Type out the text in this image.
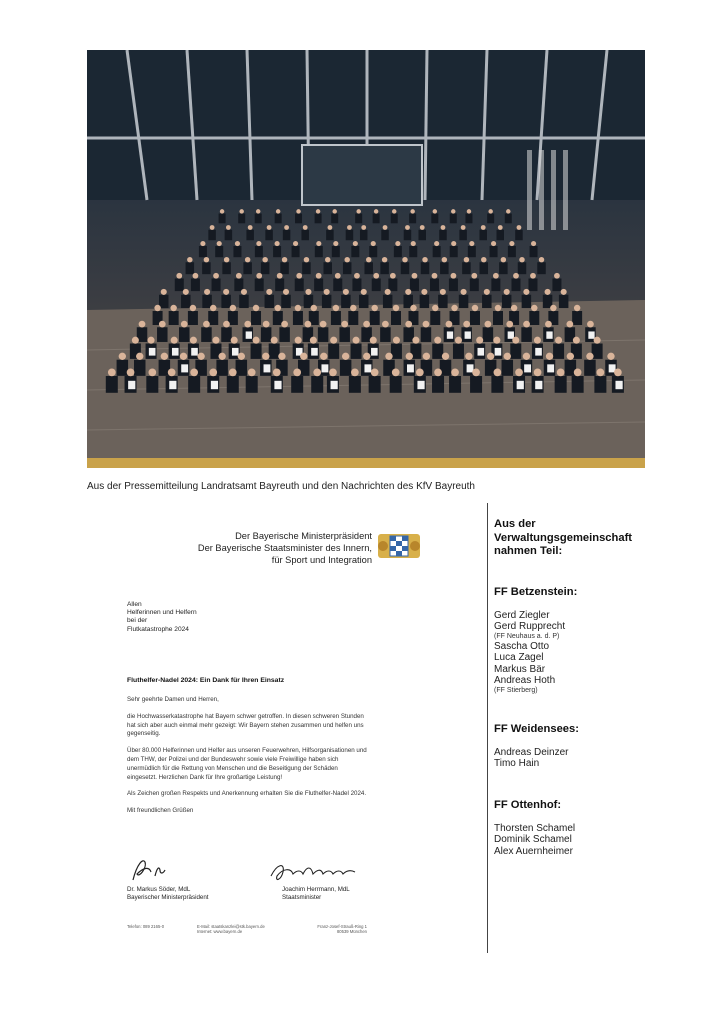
Aus der Pressemitteilung Landratsamt Bayreuth und den Nachrichten des KfV Bayreuth
Der Bayerische Ministerpräsident
Der Bayerische Staatsminister des Innern,
für Sport und Integration
Allen
Helferinnen und Helfern
bei der
Flutkatastrophe 2024
Fluthelfer-Nadel 2024: Ein Dank für Ihren Einsatz

Sehr geehrte Damen und Herren,

die Hochwasserkatastrophe hat Bayern schwer getroffen. In diesen schweren Stunden hat sich aber auch einmal mehr gezeigt: Wir Bayern stehen zusammen und helfen uns gegenseitig.

Über 80.000 Helferinnen und Helfer aus unseren Feuerwehren, Hilfsorganisationen und dem THW, der Polizei und der Bundeswehr sowie viele Freiwillige haben sich unermüdlich für die Rettung von Menschen und die Beseitigung der Schäden eingesetzt. Herzlichen Dank für Ihre großartige Leistung!

Als Zeichen großen Respekts und Anerkennung erhalten Sie die Fluthelfer-Nadel 2024.

Mit freundlichen Grüßen

Dr. Markus Söder, MdL
Bayerischer Ministerpräsident
Joachim Herrmann, MdL
Staatsminister
Telefon: 089 2165-0	E-Mail: staatskanzlei@stk.bayern.de
Internet: www.bayern.de
Franz-Josef-Strauß-Ring 1
80539 München
Aus der
Verwaltungsgemeinschaft
nahmen Teil:
FF Betzenstein:
Gerd Ziegler
Gerd Rupprecht
(FF Neuhaus a. d. P)
Sascha Otto
Luca Zagel
Markus Bär
Andreas Hoth
(FF Stierberg)
FF Weidensees:
Andreas Deinzer
Timo Hain
FF Ottenhof:
Thorsten Schamel
Dominik Schamel
Alex Auernheimer
